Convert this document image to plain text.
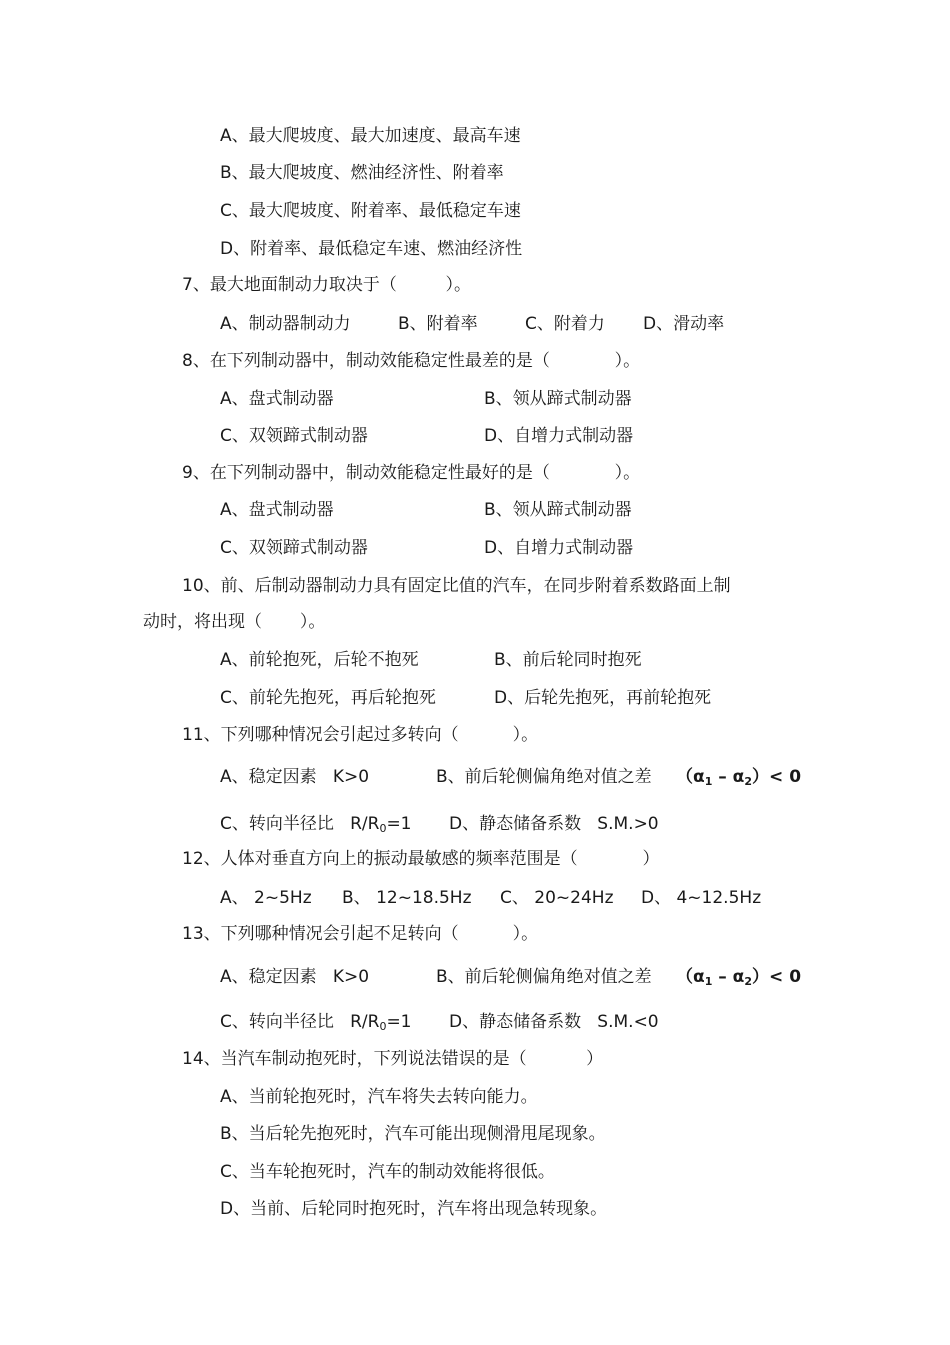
A、最大爬坡度、最大加速度、最高车速
B、最大爬坡度、燃油经济性、附着率
C、最大爬坡度、附着率、最低稳定车速
D、附着率、最低稳定车速、燃油经济性
7、最大地面制动力取决于（         ）。
A、制动器制动力	B、附着率	C、附着力 D、滑动率
8、在下列制动器中，制动效能稳定性最差的是（            ）。
A、盘式制动器	B、领从蹄式制动器
C、双领蹄式制动器	D、自增力式制动器
9、在下列制动器中，制动效能稳定性最好的是（            ）。
A、盘式制动器	B、领从蹄式制动器
C、双领蹄式制动器	D、自增力式制动器
10、前、后制动器制动力具有固定比值的汽车，在同步附着系数路面上制
动时，将出现（       ）。
A、前轮抱死，后轮不抱死	B、前后轮同时抱死
C、前轮先抱死，再后轮抱死	D、后轮先抱死，再前轮抱死
11、下列哪种情况会引起过多转向（          ）。
A、稳定因素   K>0	B、前后轮侧偏角绝对值之差 （α1 – α2）< 0
C、转向半径比   R/R0=1 D、静态储备系数   S.M.>0
12、人体对垂直方向上的振动最敏感的频率范围是（            ）
A、 2~5Hz B、 12~18.5Hz C、 20~24Hz D、 4~12.5Hz
13、下列哪种情况会引起不足转向（          ）。
A、稳定因素   K>0	B、前后轮侧偏角绝对值之差 （α1 – α2）< 0
C、转向半径比   R/R0=1 D、静态储备系数   S.M.<0
14、当汽车制动抱死时，下列说法错误的是（           ）
A、当前轮抱死时，汽车将失去转向能力。
B、当后轮先抱死时，汽车可能出现侧滑甩尾现象。
C、当车轮抱死时，汽车的制动效能将很低。
D、当前、后轮同时抱死时，汽车将出现急转现象。
